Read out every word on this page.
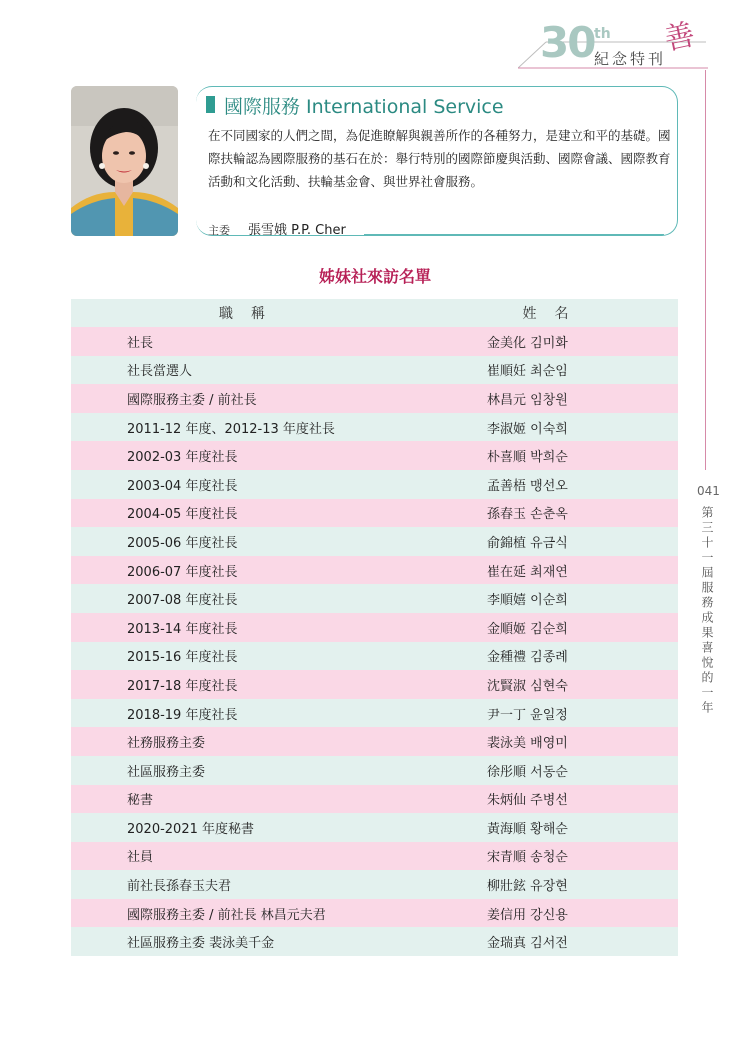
30 th
紀念特刊
善
041
第三十一屆服務成果喜悅的一年
國際服務 International Service
在不同國家的人們之間，為促進瞭解與親善所作的各種努力，是建立和平的基礎。國際扶輪認為國際服務的基石在於：舉行特別的國際節慶與活動、國際會議、國際教育活動和文化活動、扶輪基金會、與世界社會服務。
主委 張雪娥 P.P. Cher
姊妹社來訪名單
職稱	姓名
社長	金美化 김미화
社長當選人	崔順妊 최순임
國際服務主委 / 前社長	林昌元 임창원
2011-12 年度、2012-13 年度社長	李淑姬 이숙희
2002-03 年度社長	朴喜順 박희순
2003-04 年度社長	孟善梧 맹선오
2004-05 年度社長	孫春玉 손춘옥
2005-06 年度社長	俞錦植 유금식
2006-07 年度社長	崔在延 최재연
2007-08 年度社長	李順嬉 이순희
2013-14 年度社長	金順姬 김순희
2015-16 年度社長	金種禮 김종례
2017-18 年度社長	沈賢淑 심현숙
2018-19 年度社長	尹一丁 윤일정
社務服務主委	裴泳美 배영미
社區服務主委	徐彤順 서동순
秘書	朱炳仙 주병선
2020-2021 年度秘書	黃海順 황해순
社員	宋青順 송청순
前社長孫春玉夫君	柳壯鉉 유장현
國際服務主委 / 前社長 林昌元夫君	姜信用 강신용
社區服務主委 裴泳美千金	金瑞真 김서전
